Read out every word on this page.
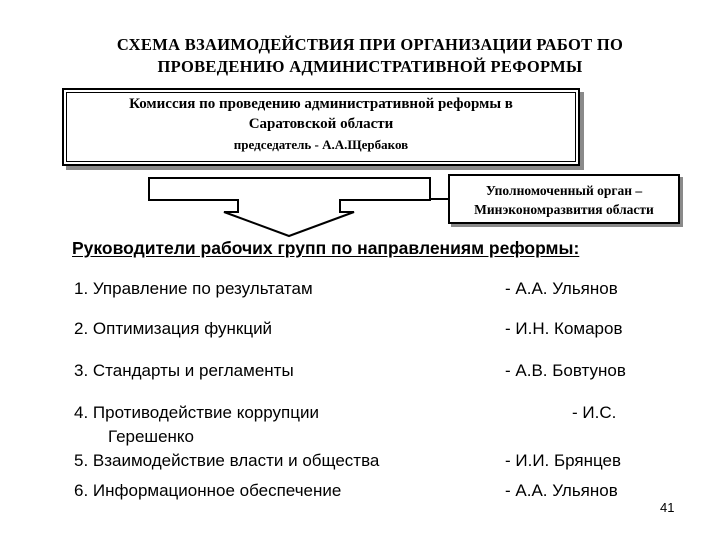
СХЕМА ВЗАИМОДЕЙСТВИЯ ПРИ ОРГАНИЗАЦИИ РАБОТ ПО
ПРОВЕДЕНИЮ АДМИНИСТРАТИВНОЙ РЕФОРМЫ
Комиссия по проведению административной реформы в
Саратовской области
председатель - А.А.Щербаков
Уполномоченный орган –
Минэкономразвития области
Руководители рабочих групп по направлениям реформы:
1. Управление по результатам	- А.А. Ульянов
2. Оптимизация функций	- И.Н. Комаров
3. Стандарты и регламенты	- А.В. Бовтунов
4. Противодействие коррупции	- И.С.
Герешенко
5. Взаимодействие власти и общества	- И.И. Брянцев
6. Информационное обеспечение	- А.А. Ульянов
41
